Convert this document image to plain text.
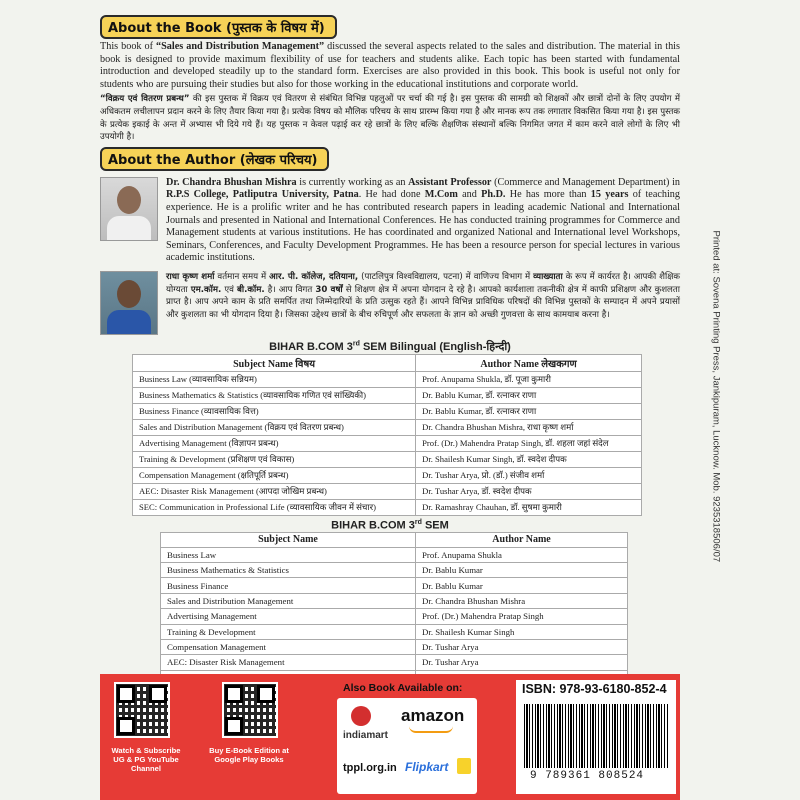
About the Book (पुस्तक के विषय में)

This book of “Sales and Distribution Management” discussed the several aspects related to the sales and distribution. The material in this book is designed to provide maximum flexibility of use for teachers and students alike. Each topic has been started with fundamental introduction and developed steadily up to the standard form. Exercises are also provided in this book. This book is useful not only for students who are pursuing their studies but also for those working in the educational institutions and corporate world.

“विक्रय एवं वितरण प्रबन्ध” की इस पुस्तक में विक्रय एवं वितरण से संबंधित विभिन्न पहलुओं पर चर्चा की गई है। इस पुस्तक की सामग्री को शिक्षकों और छात्रों दोनों के लिए उपयोग में अधिकतम लचीलापन प्रदान करने के लिए तैयार किया गया है। प्रत्येक विषय को मौलिक परिचय के साथ प्रारम्भ किया गया है और मानक रूप तक लगातार विकसित किया गया है। इस पुस्तक के प्रत्येक इकाई के अन्त में अभ्यास भी दिये गये हैं। यह पुस्तक न केवल पढ़ाई कर रहे छात्रों के लिए बल्कि शैक्षणिक संस्थानों बल्कि निगमित जगत में काम करने वाले लोगों के लिए भी उपयोगी है।

About the Author (लेखक परिचय)

Dr. Chandra Bhushan Mishra is currently working as an Assistant Professor (Commerce and Management Department) in R.P.S College, Patliputra University, Patna. He had done M.Com and Ph.D. He has more than 15 years of teaching experience. He is a prolific writer and he has contributed research papers in leading academic National and International Journals and presented in National and International Conferences. He has conducted training programmes for Commerce and Management students at various institutions. He has coordinated and organized National and International level Workshops, Seminars, Conferences, and Faculty Development Programmes. He has been a resource person for special lectures in various academic institutions.

राधा कृष्ण शर्मा वर्तमान समय में आर. पी. कॉलेज, दतियाना, (पाटलिपुत्र विश्वविद्यालय, पटना) में वाणिज्य विभाग में व्याख्याता के रूप में कार्यरत है। आपकी शैक्षिक योग्यता एम.कॉम. एवं बी.कॉम. है। आप विगत 30 वर्षों से शिक्षण क्षेत्र में अपना योगदान दे रहे है। आपको कार्यशाला तकनीकी क्षेत्र में काफी प्रशिक्षण और कुशलता प्राप्त है। आप अपने काम के प्रति समर्पित तथा जिम्मेदारियों के प्रति उत्सुक रहते हैं। आपने विभिन्न प्राविधिक परिषदों की विभिन्न पुस्तकों के सम्पादन में अपने प्रयासों और कुशलता का भी योगदान दिया है। जिसका उद्देश्य छात्रों के बीच रुचिपूर्ण और सफलता के ज्ञान को अच्छी गुणवत्ता के साथ कामयाब करना है।

BIHAR B.COM 3rd SEM Bilingual (English-हिन्दी)
Subject Name विषय	Author Name लेखकगण
Business Law (व्यावसायिक सन्नियम)	Prof. Anupama Shukla, डॉ. पूजा कुमारी
Business Mathematics & Statistics (व्यावसायिक गणित एवं सांख्यिकी)	Dr. Bablu Kumar, डॉ. रत्नाकर राणा
Business Finance (व्यावसायिक वित्त)	Dr. Bablu Kumar, डॉ. रत्नाकर राणा
Sales and Distribution Management (विक्रय एवं वितरण प्रबन्ध)	Dr. Chandra Bhushan Mishra, राधा कृष्ण शर्मा
Advertising Management (विज्ञापन प्रबन्ध)	Prof. (Dr.) Mahendra Pratap Singh, डॉ. शहला जहां संदेल
Training & Development (प्रशिक्षण एवं विकास)	Dr. Shailesh Kumar Singh, डॉ. स्वदेश दीपक
Compensation Management (क्षतिपूर्ति प्रबन्ध)	Dr. Tushar Arya, प्रो. (डॉ.) संजीव शर्मा
AEC: Disaster Risk Management (आपदा जोखिम प्रबन्ध)	Dr. Tushar Arya, डॉ. स्वदेश दीपक
SEC: Communication in Professional Life (व्यावसायिक जीवन में संचार)	Dr. Ramashray Chauhan, डॉ. सुषमा कुमारी
BIHAR B.COM 3rd SEM
Subject Name	Author Name
Business Law	Prof. Anupama Shukla
Business Mathematics & Statistics	Dr. Bablu Kumar
Business Finance	Dr. Bablu Kumar
Sales and Distribution Management	Dr. Chandra Bhushan Mishra
Advertising Management	Prof. (Dr.) Mahendra Pratap Singh
Training & Development	Dr. Shailesh Kumar Singh
Compensation Management	Dr. Tushar Arya
AEC: Disaster Risk Management	Dr. Tushar Arya

Printed at: Sovena Printing Press, Jankipuram, Lucknow. Mob. 9235318506/07
Watch & Subscribe UG & PG YouTube Channel
Buy E-Book Edition at Google Play Books
Also Book Available on:
indiamart
amazon
tppl.org.in Flipkart
ISBN: 978-93-6180-852-4
9 789361 808524
